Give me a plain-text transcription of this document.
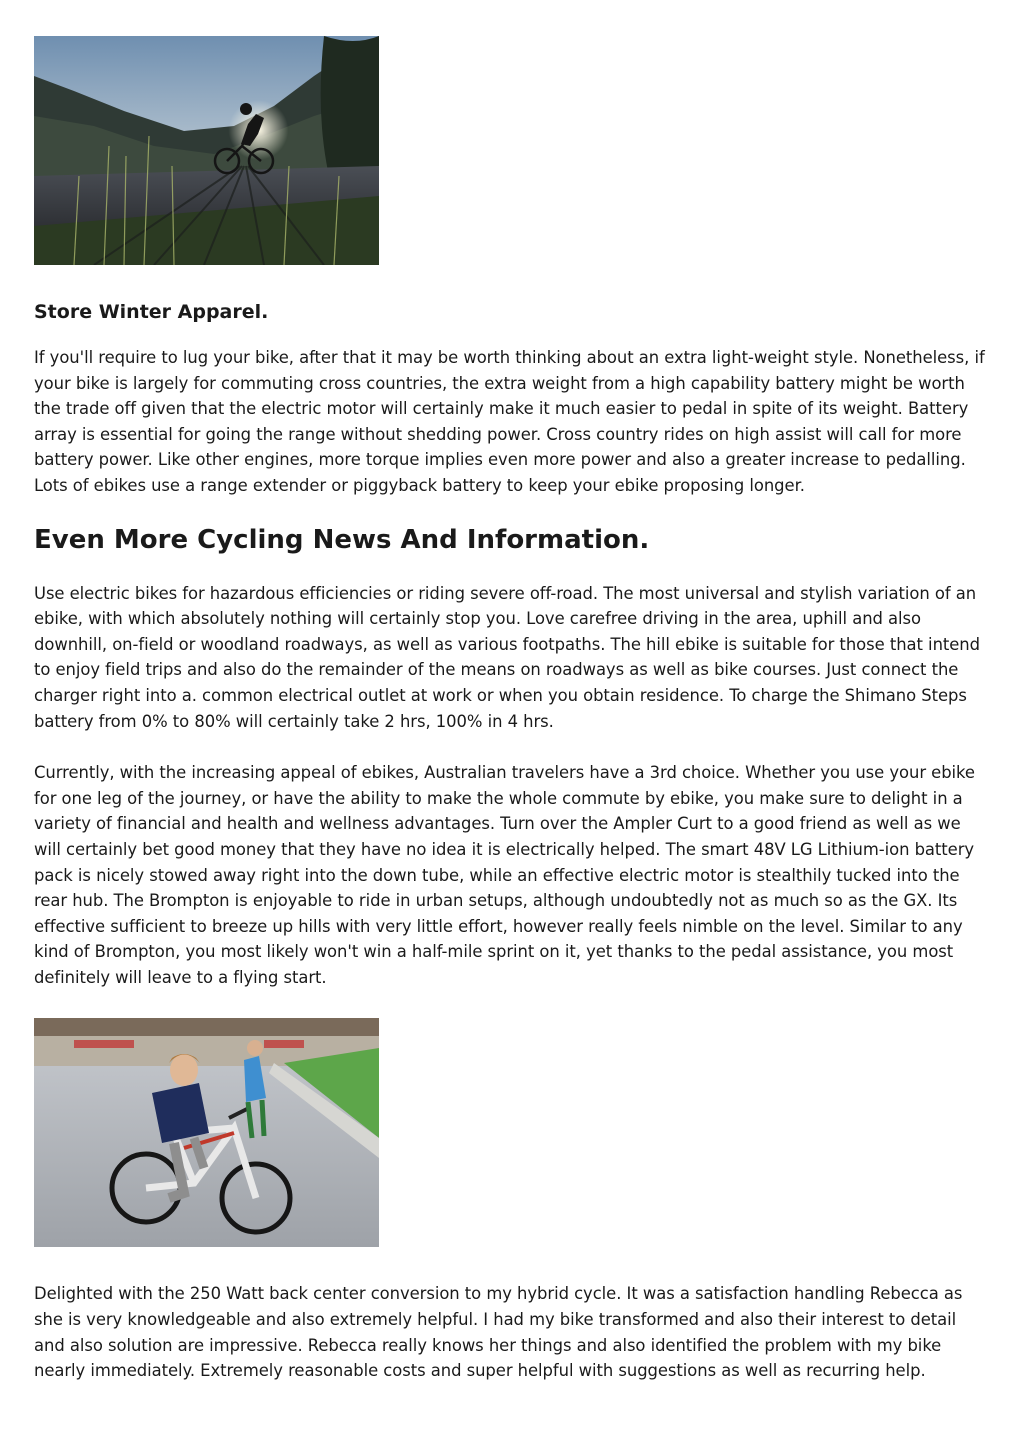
Store Winter Apparel.

If you'll require to lug your bike, after that it may be worth thinking about an extra light-weight style. Nonetheless, if your bike is largely for commuting cross countries, the extra weight from a high capability battery might be worth the trade off given that the electric motor will certainly make it much easier to pedal in spite of its weight. Battery array is essential for going the range without shedding power. Cross country rides on high assist will call for more battery power. Like other engines, more torque implies even more power and also a greater increase to pedalling. Lots of ebikes use a range extender or piggyback battery to keep your ebike proposing longer.

Even More Cycling News And Information.

Use electric bikes for hazardous efficiencies or riding severe off-road. The most universal and stylish variation of an ebike, with which absolutely nothing will certainly stop you. Love carefree driving in the area, uphill and also downhill, on-field or woodland roadways, as well as various footpaths. The hill ebike is suitable for those that intend to enjoy field trips and also do the remainder of the means on roadways as well as bike courses. Just connect the charger right into a. common electrical outlet at work or when you obtain residence. To charge the Shimano Steps battery from 0% to 80% will certainly take 2 hrs, 100% in 4 hrs.

Currently, with the increasing appeal of ebikes, Australian travelers have a 3rd choice. Whether you use your ebike for one leg of the journey, or have the ability to make the whole commute by ebike, you make sure to delight in a variety of financial and health and wellness advantages. Turn over the Ampler Curt to a good friend as well as we will certainly bet good money that they have no idea it is electrically helped. The smart 48V LG Lithium-ion battery pack is nicely stowed away right into the down tube, while an effective electric motor is stealthily tucked into the rear hub. The Brompton is enjoyable to ride in urban setups, although undoubtedly not as much so as the GX. Its effective sufficient to breeze up hills with very little effort, however really feels nimble on the level. Similar to any kind of Brompton, you most likely won't win a half-mile sprint on it, yet thanks to the pedal assistance, you most definitely will leave to a flying start.

Delighted with the 250 Watt back center conversion to my hybrid cycle. It was a satisfaction handling Rebecca as she is very knowledgeable and also extremely helpful. I had my bike transformed and also their interest to detail and also solution are impressive. Rebecca really knows her things and also identified the problem with my bike nearly immediately. Extremely reasonable costs and super helpful with suggestions as well as recurring help.
